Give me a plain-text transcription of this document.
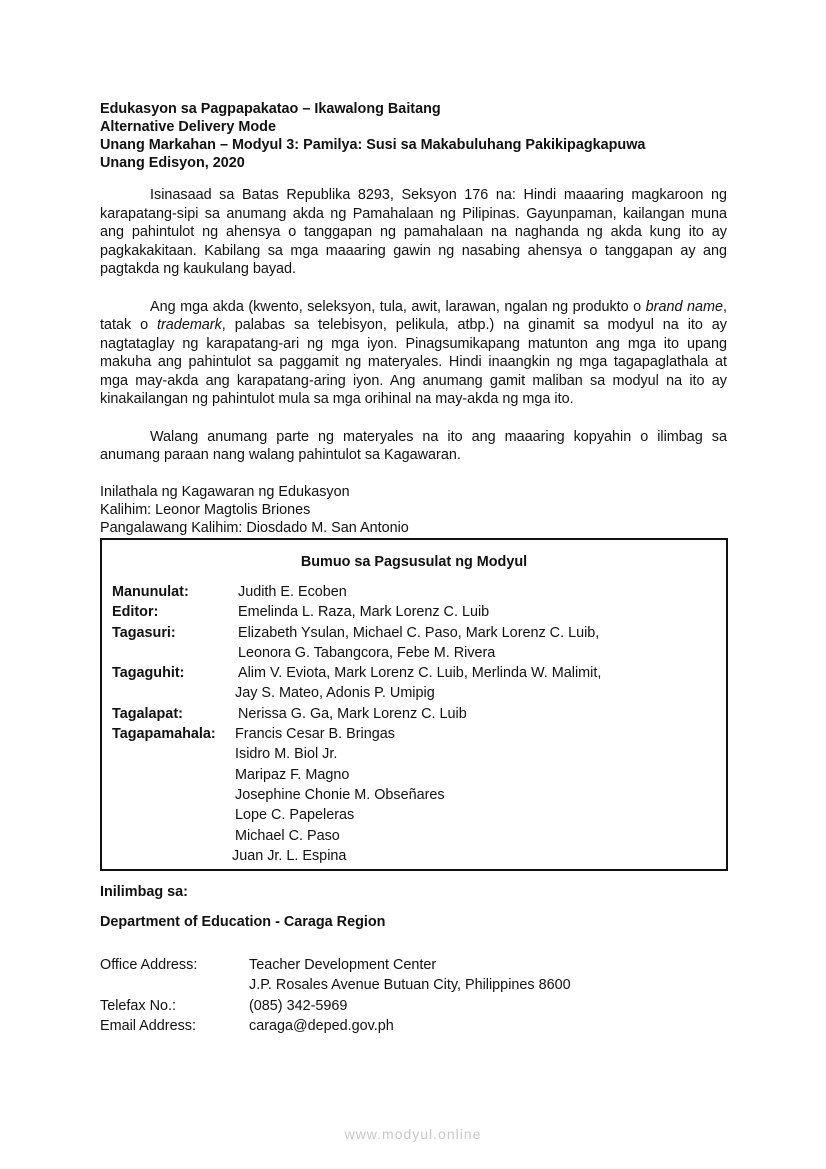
Edukasyon sa Pagpapakatao – Ikawalong Baitang
Alternative Delivery Mode
Unang Markahan – Modyul 3: Pamilya: Susi sa Makabuluhang Pakikipagkapuwa
Unang Edisyon, 2020

Isinasaad sa Batas Republika 8293, Seksyon 176 na: Hindi maaaring magkaroon ng karapatang-sipi sa anumang akda ng Pamahalaan ng Pilipinas. Gayunpaman, kailangan muna ang pahintulot ng ahensya o tanggapan ng pamahalaan na naghanda ng akda kung ito ay pagkakakitaan. Kabilang sa mga maaaring gawin ng nasabing ahensya o tanggapan ay ang pagtakda ng kaukulang bayad.

Ang mga akda (kwento, seleksyon, tula, awit, larawan, ngalan ng produkto o brand name, tatak o trademark, palabas sa telebisyon, pelikula, atbp.) na ginamit sa modyul na ito ay nagtataglay ng karapatang-ari ng mga iyon. Pinagsumikapang matunton ang mga ito upang makuha ang pahintulot sa paggamit ng materyales. Hindi inaangkin ng mga tagapaglathala at mga may-akda ang karapatang-aring iyon. Ang anumang gamit maliban sa modyul na ito ay kinakailangan ng pahintulot mula sa mga orihinal na may-akda ng mga ito.

Walang anumang parte ng materyales na ito ang maaaring kopyahin o ilimbag sa anumang paraan nang walang pahintulot sa Kagawaran.

Inilathala ng Kagawaran ng Edukasyon
Kalihim: Leonor Magtolis Briones
Pangalawang Kalihim: Diosdado M. San Antonio
Bumuo sa Pagsusulat ng Modyul
Manunulat:	Judith E. Ecoben
Editor:	Emelinda L. Raza, Mark Lorenz C. Luib
Tagasuri:	Elizabeth Ysulan, Michael C. Paso, Mark Lorenz C. Luib,
Leonora G. Tabangcora, Febe M. Rivera
Tagaguhit:	Alim V. Eviota, Mark Lorenz C. Luib, Merlinda W. Malimit,
Jay S. Mateo, Adonis P. Umipig
Tagalapat:	Nerissa G. Ga, Mark Lorenz C. Luib
Tagapamahala: Francis Cesar B. Bringas
Isidro M. Biol Jr.
Maripaz F. Magno
Josephine Chonie M. Obseñares
Lope C. Papeleras
Michael C. Paso
Juan Jr. L. Espina
Inilimbag sa:
Department of Education - Caraga Region
Office Address:	Teacher Development Center
J.P. Rosales Avenue Butuan City, Philippines 8600
Telefax No.:	(085) 342-5969
Email Address:	caraga@deped.gov.ph
www.modyul.online
